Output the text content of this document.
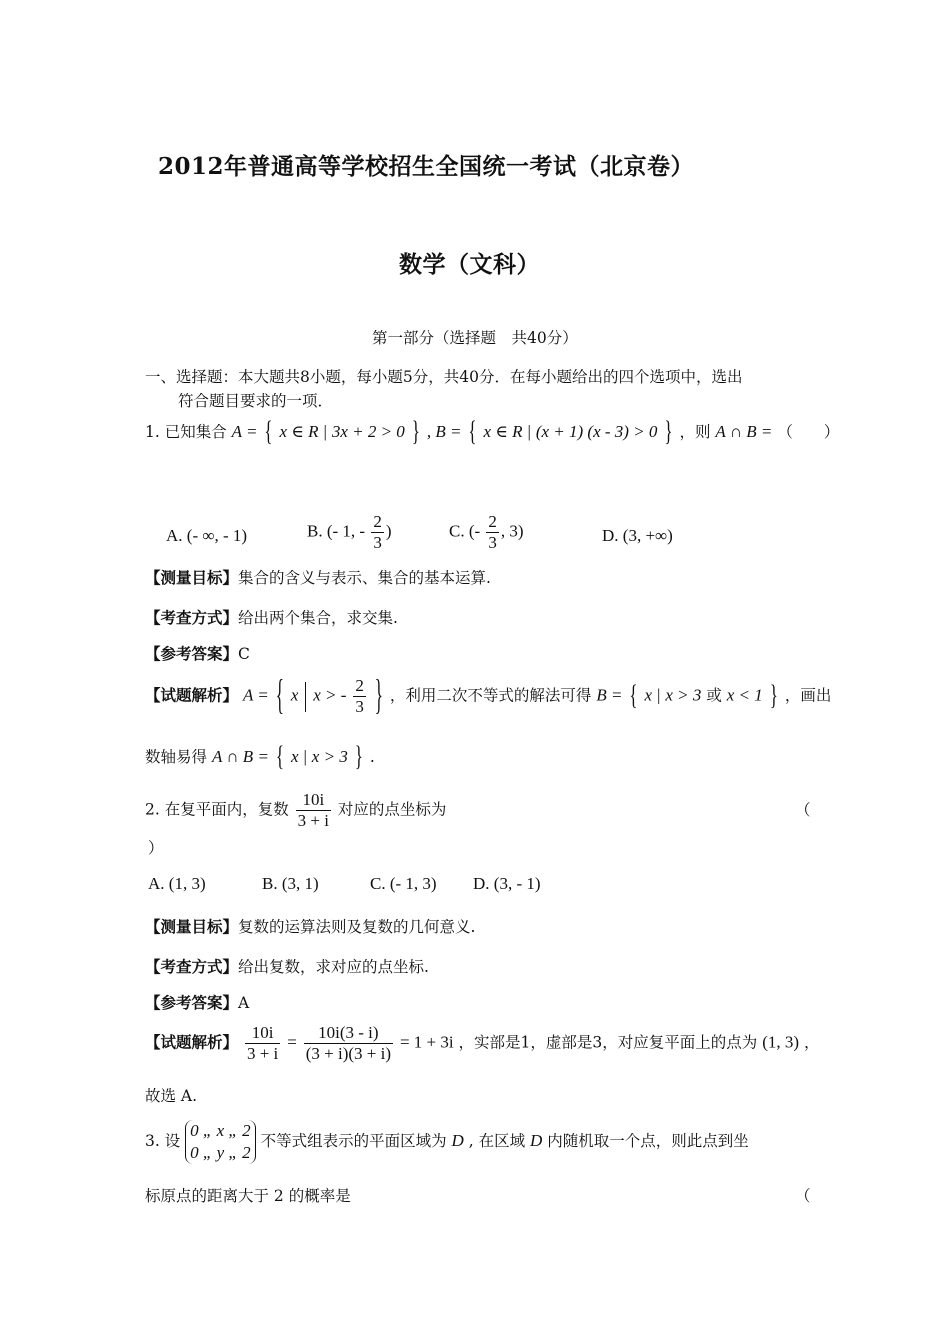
2012年普通高等学校招生全国统一考试（北京卷）
数学（文科）
第一部分（选择题　共40分）
一、选择题：本大题共8小题，每小题5分，共40分．在每小题给出的四个选项中，选出
符合题目要求的一项．
1. 已知集合 A = { x ∈ R | 3x + 2 > 0 } , B = { x ∈ R | (x + 1) (x - 3) > 0 } ，则 A ∩ B = （　　）
A. (- ∞, - 1)	B. (- 1, - $\frac{2}{3}$ )	C. (- $\frac{2}{3}$ , 3)	D. (3, +∞)
【测量目标】集合的含义与表示、集合的基本运算.
【考查方式】给出两个集合，求交集.
【参考答案】C
【试题解析】 A = { x x > - $\frac{2}{3}$ } ，利用二次不等式的解法可得 B = { x | x > 3 或 x < 1 } ，画出
数轴易得 A ∩ B = { x | x > 3 } .
2. 在复平面内，复数 $\frac{10i}{3 + i}$ 对应的点坐标为	（
）
A. (1, 3)	B. (3, 1)	C. (- 1, 3) D. (3, - 1)
【测量目标】复数的运算法则及复数的几何意义.
【考查方式】给出复数，求对应的点坐标.
【参考答案】A
【试题解析】 $\frac{10i}{3 + i} = \frac{10i(3 - i)}{(3 + i)(3 + i)} = 1 + 3i$ ，实部是1，虚部是3，对应复平面上的点为 (1, 3) ，
故选 A.
3. 设
0 „ x „ 2
0 „ y „ 2
不等式组表示的平面区域为 D , 在区域 D 内随机取一个点，则此点到坐
标原点的距离大于 2 的概率是	（
